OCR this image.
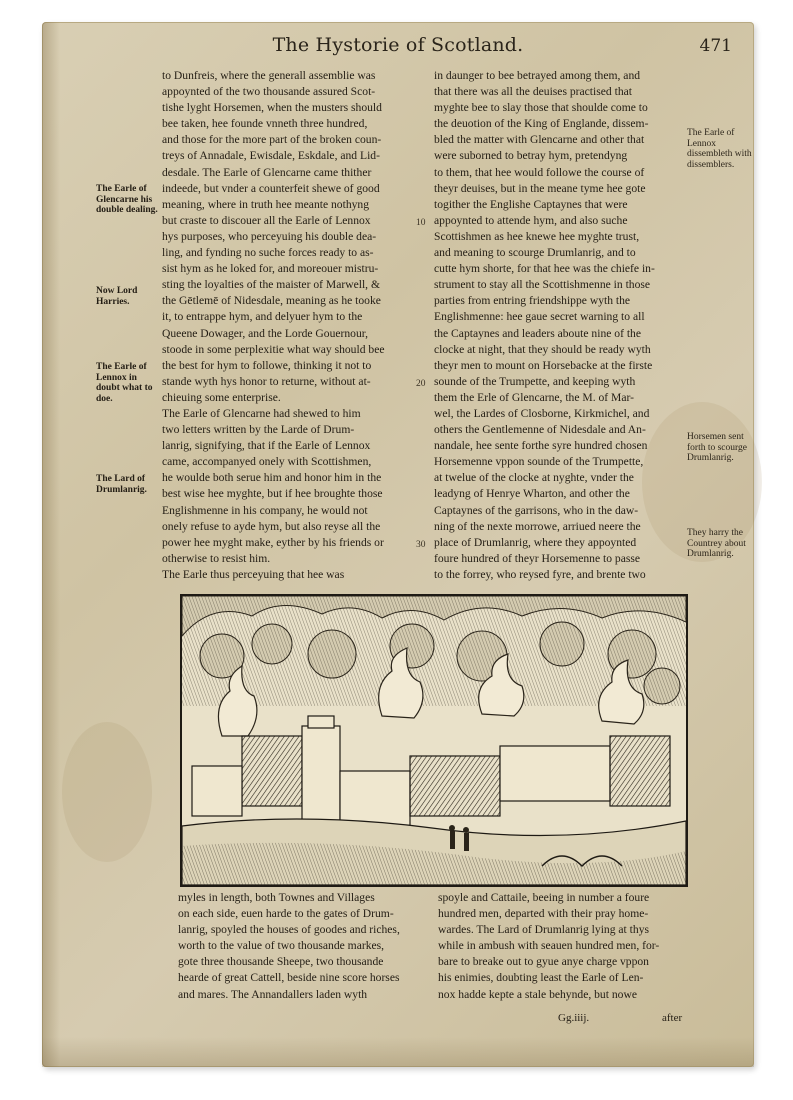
The Hystorie of Scotland.	471
The Earle of Glencarne his double dealing.
Now Lord Harries.
The Earle of Lennox in doubt what to doe.
The Lard of Drumlanrig.
The Earle of Lennox dissembleth with dissemblers.
Horsemen sent forth to scourge Drumlanrig.
They harry the Countrey about Drumlanrig.
10
20
30
to Dunfreis, where the generall assemblie was
appoynted of the two thousande assured Scot-
tishe lyght Horsemen, when the musters should
bee taken, hee founde vnneth three hundred,
and those for the more part of the broken coun-
treys of Annadale, Ewisdale, Eskdale, and Lid-
desdale. The Earle of Glencarne came thither
indeede, but vnder a counterfeit shewe of good
meaning, where in truth hee meante nothyng
but craste to discouer all the Earle of Lennox
hys purposes, who perceyuing his double dea-
ling, and fynding no suche forces ready to as-
sist hym as he loked for, and moreouer mistru-
sting the loyalties of the maister of Marwell, &
the Gētlemē of Nidesdale, meaning as he tooke
it, to entrappe hym, and delyuer hym to the
Queene Dowager, and the Lorde Gouernour,
stoode in some perplexitie what way should bee
the best for hym to followe, thinking it not to
stande wyth hys honor to returne, without at-
chieuing some enterprise.
The Earle of Glencarne had shewed to him
two letters written by the Larde of Drum-
lanrig, signifying, that if the Earle of Lennox
came, accompanyed onely with Scottishmen,
he woulde both serue him and honor him in the
best wise hee myghte, but if hee broughte those
Englishmenne in his company, he would not
onely refuse to ayde hym, but also reyse all the
power hee myght make, eyther by his friends or
otherwise to resist him.
The Earle thus perceyuing that hee was
in daunger to bee betrayed among them, and
that there was all the deuises practised that
myghte bee to slay those that shoulde come to
the deuotion of the King of Englande, dissem-
bled the matter with Glencarne and other that
were suborned to betray hym, pretendyng
to them, that hee would followe the course of
theyr deuises, but in the meane tyme hee gote
togither the Englishe Captaynes that were
appoynted to attende hym, and also suche
Scottishmen as hee knewe hee myghte trust,
and meaning to scourge Drumlanrig, and to
cutte hym shorte, for that hee was the chiefe in-
strument to stay all the Scottishmenne in those
parties from entring friendshippe wyth the
Englishmenne: hee gaue secret warning to all
the Captaynes and leaders aboute nine of the
clocke at night, that they should be ready wyth
theyr men to mount on Horsebacke at the firste
sounde of the Trumpette, and keeping wyth
them the Erle of Glencarne, the M. of Mar-
wel, the Lardes of Closborne, Kirkmichel, and
others the Gentlemenne of Nidesdale and An-
nandale, hee sente forthe syre hundred chosen
Horsemenne vppon sounde of the Trumpette,
at twelue of the clocke at nyghte, vnder the
leadyng of Henrye Wharton, and other the
Captaynes of the garrisons, who in the daw-
ning of the nexte morrowe, arriued neere the
place of Drumlanrig, where they appoynted
foure hundred of theyr Horsemenne to passe
to the forrey, who reysed fyre, and brente two
myles in length, both Townes and Villages
on each side, euen harde to the gates of Drum-
lanrig, spoyled the houses of goodes and riches,
worth to the value of two thousande markes,
gote three thousande Sheepe, two thousande
hearde of great Cattell, beside nine score horses
and mares. The Annandallers laden wyth
spoyle and Cattaile, beeing in number a foure
hundred men, departed with their pray home-
wardes. The Lard of Drumlanrig lying at thys
while in ambush with seauen hundred men, for-
bare to breake out to gyue anye charge vppon
his enimies, doubting least the Earle of Len-
nox hadde kepte a stale behynde, but nowe
Gg.iiij.	after
